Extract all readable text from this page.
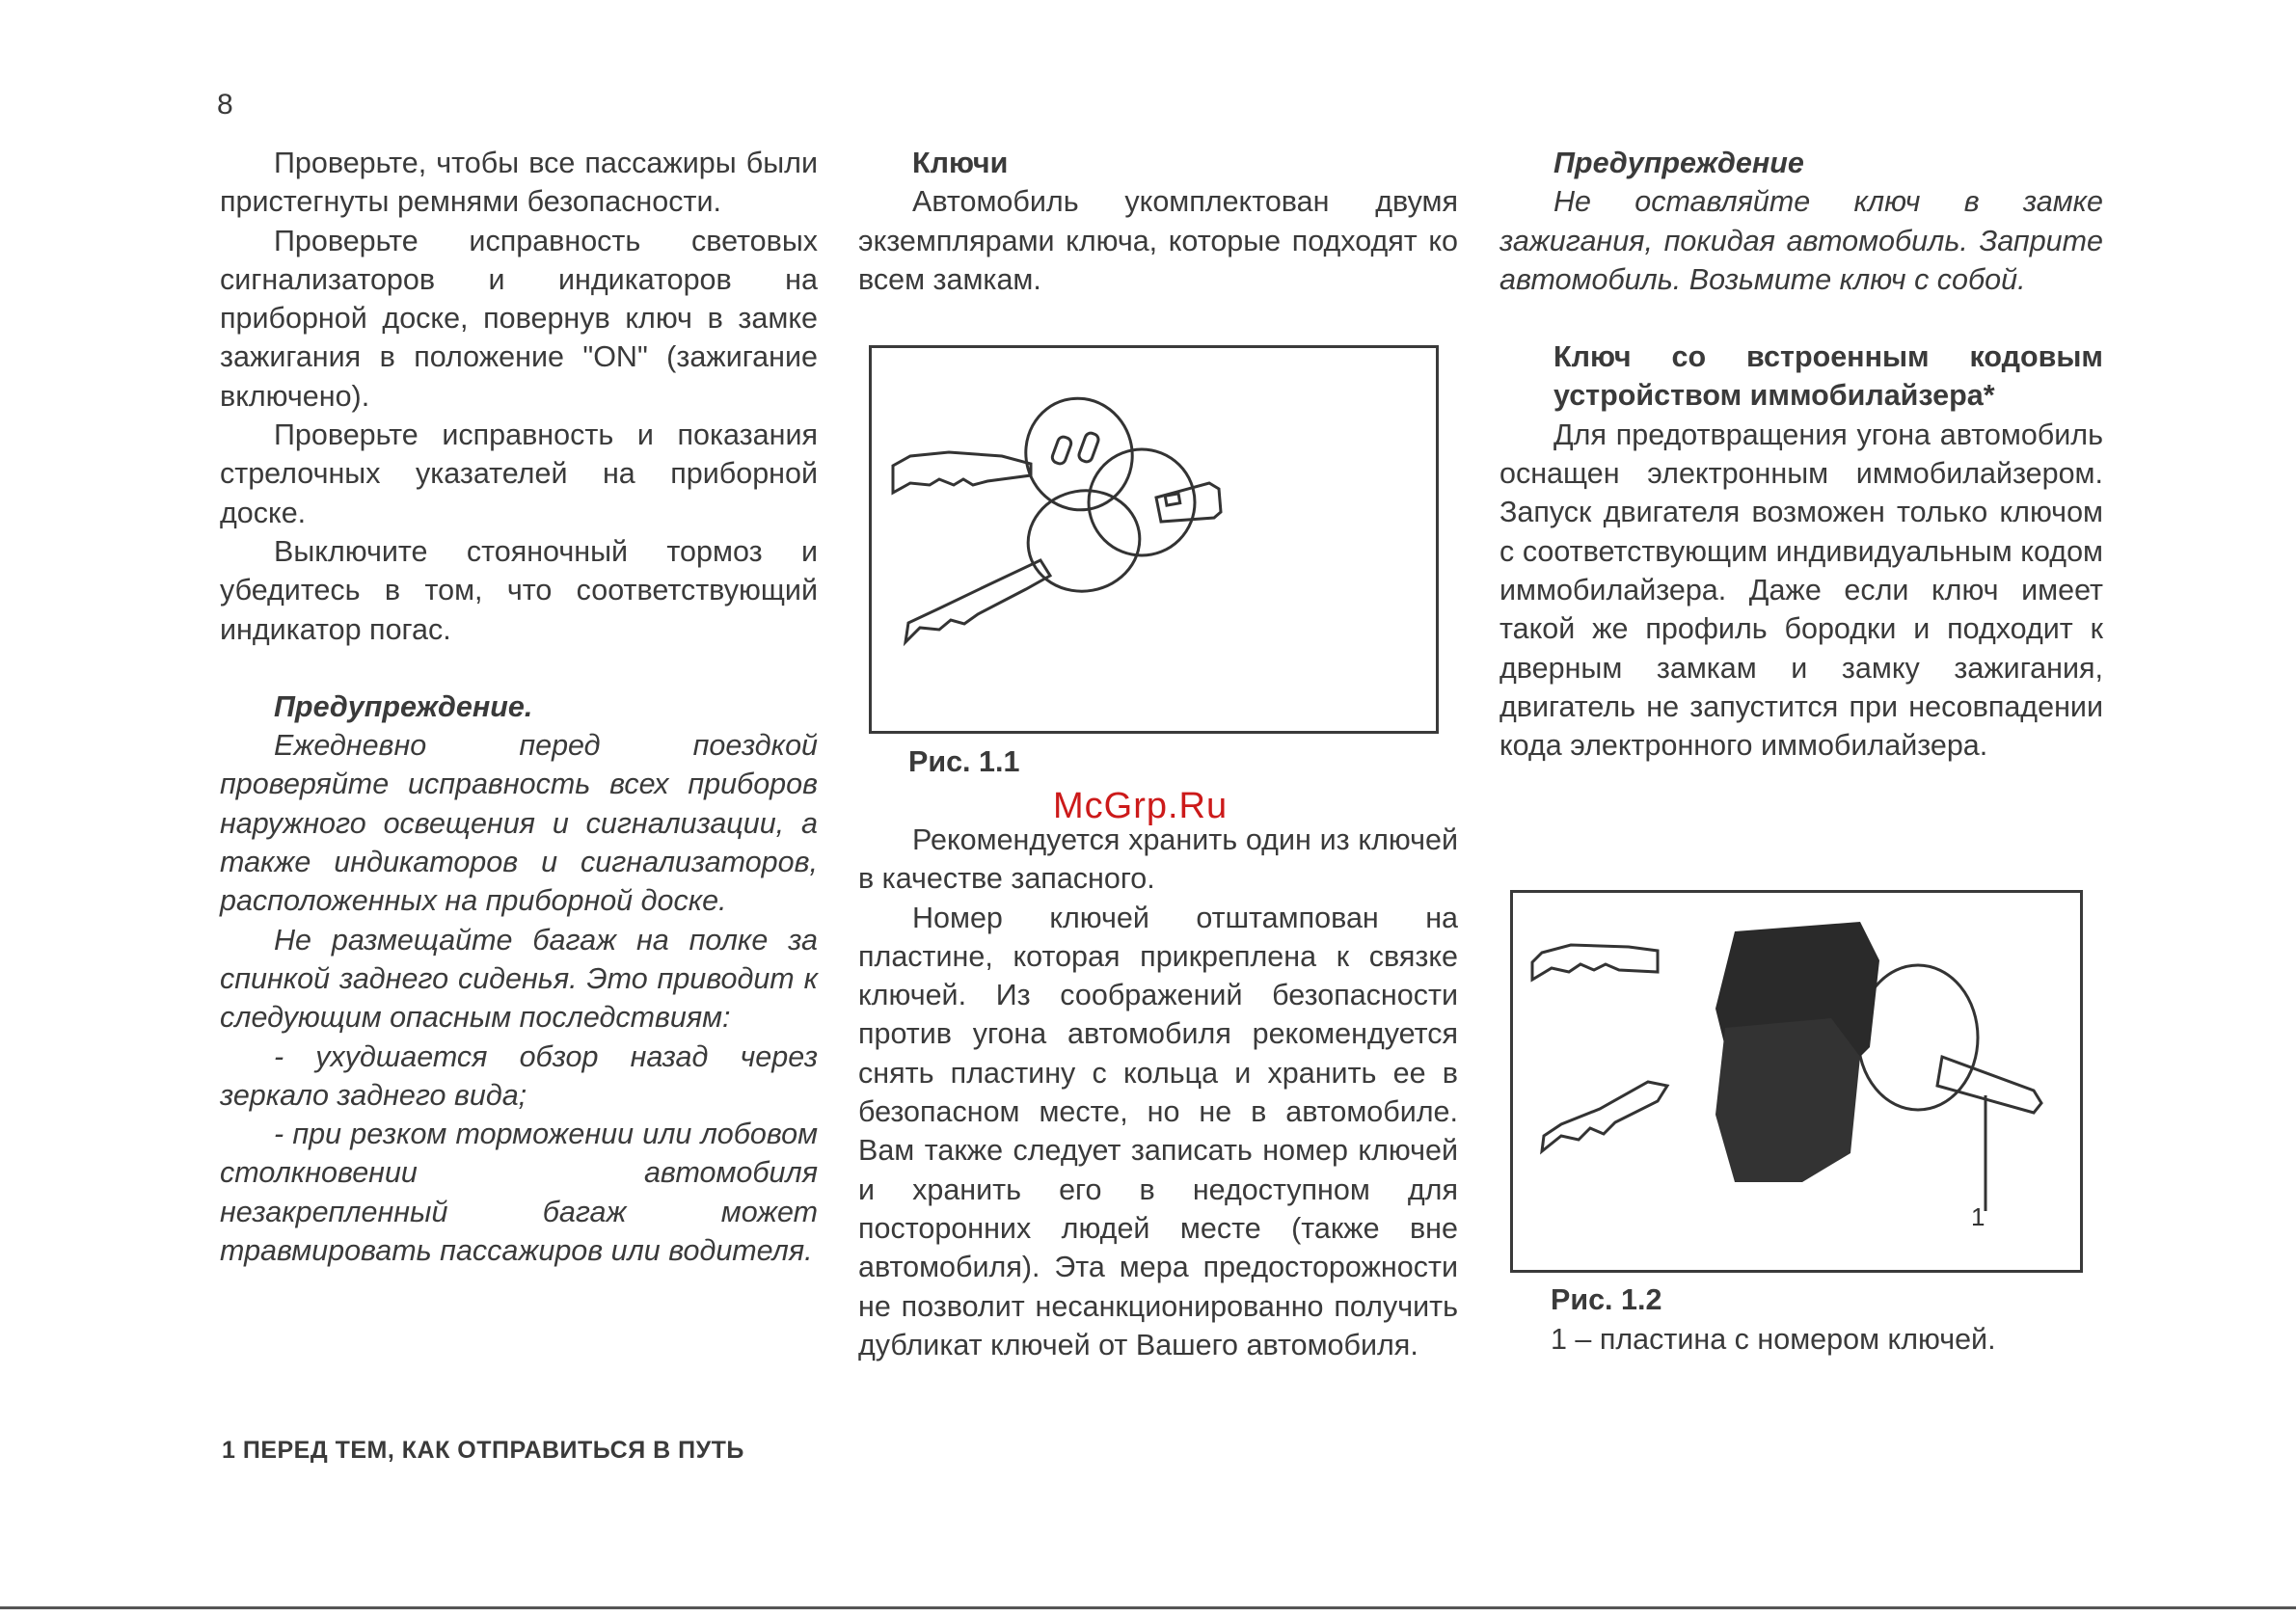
8

Проверьте, чтобы все пассажиры были пристегнуты ремнями безопасности.

Проверьте исправность световых сигнализаторов и индикаторов на приборной доске, повернув ключ в замке зажигания в положение "ON" (зажигание включено).

Проверьте исправность и показания стрелочных указателей на приборной доске.

Выключите стояночный тормоз и убедитесь в том, что соответствующий индикатор погас.

Предупреждение.

Ежедневно перед поездкой проверяйте исправность всех приборов наружного освещения и сигнализации, а также индикаторов и сигнализаторов, расположенных на приборной доске.

Не размещайте багаж на полке за спинкой заднего сиденья. Это приводит к следующим опасным последствиям:

- ухудшается обзор назад через зеркало заднего вида;

- при резком торможении или лобовом столкновении автомобиля незакрепленный багаж может травмировать пассажиров или водителя.

Ключи

Автомобиль укомплектован двумя экземплярами ключа, которые подходят ко всем замкам.

Рис. 1.1

Рекомендуется хранить один из ключей в качестве запасного.

Номер ключей отштампован на пластине, которая прикреплена к связке ключей. Из соображений безопасности против угона автомобиля рекомендуется снять пластину с кольца и хранить ее в безопасном месте, но не в автомобиле. Вам также следует записать номер ключей и хранить его в недоступном для посторонних людей месте (также вне автомобиля). Эта мера предосторожности не позволит несанкционированно получить дубликат ключей от Вашего автомобиля.

Предупреждение

Не оставляйте ключ в замке зажигания, покидая автомобиль. Заприте автомобиль. Возьмите ключ с собой.

Ключ со встроенным кодовым устройством иммобилайзера*

Для предотвращения угона автомобиль оснащен электронным иммобилайзером. Запуск двигателя возможен только ключом с соответствующим индивидуальным кодом иммобилайзера. Даже если ключ имеет такой же профиль бородки и подходит к дверным замкам и замку зажигания, двигатель не запустится при несовпадении кода электронного иммобилайзера.

1
Рис. 1.2
1 – пластина с номером ключей.
1 ПЕРЕД ТЕМ, КАК ОТПРАВИТЬСЯ В ПУТЬ
McGrp.Ru
